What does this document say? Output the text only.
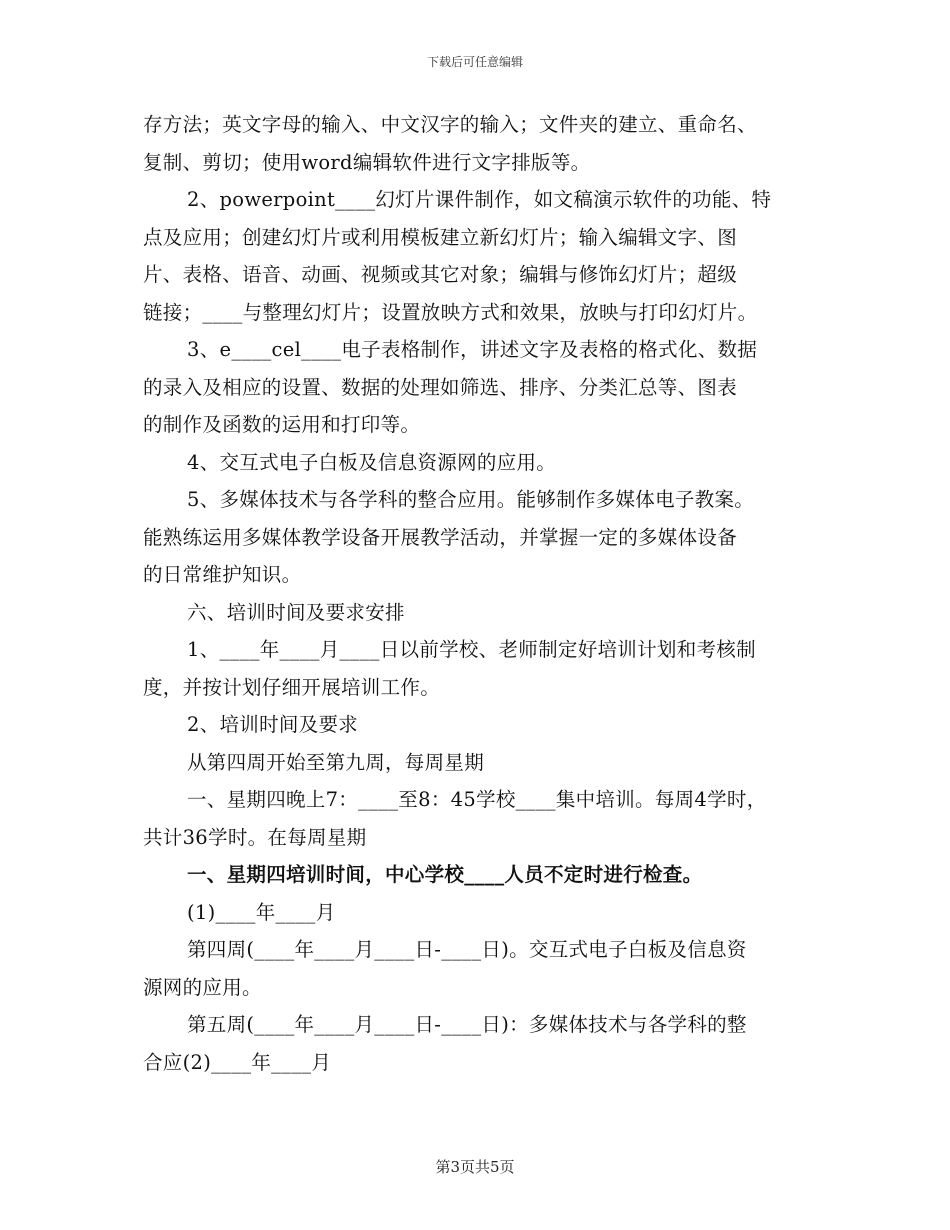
下载后可任意编辑
存方法；英文字母的输入、中文汉字的输入；文件夹的建立、重命名、
复制、剪切；使用word编辑软件进行文字排版等。
2、powerpoint____幻灯片课件制作，如文稿演示软件的功能、特
点及应用；创建幻灯片或利用模板建立新幻灯片；输入编辑文字、图
片、表格、语音、动画、视频或其它对象；编辑与修饰幻灯片；超级
链接；____与整理幻灯片；设置放映方式和效果，放映与打印幻灯片。
3、e____cel____电子表格制作，讲述文字及表格的格式化、数据
的录入及相应的设置、数据的处理如筛选、排序、分类汇总等、图表
的制作及函数的运用和打印等。
4、交互式电子白板及信息资源网的应用。
5、多媒体技术与各学科的整合应用。能够制作多媒体电子教案。
能熟练运用多媒体教学设备开展教学活动，并掌握一定的多媒体设备
的日常维护知识。
六、培训时间及要求安排
1、____年____月____日以前学校、老师制定好培训计划和考核制
度，并按计划仔细开展培训工作。
2、培训时间及要求
从第四周开始至第九周，每周星期
一、星期四晚上7：____至8：45学校____集中培训。每周4学时，
共计36学时。在每周星期
一、星期四培训时间，中心学校____人员不定时进行检查。
(1)____年____月
第四周(____年____月____日-____日)。交互式电子白板及信息资
源网的应用。
第五周(____年____月____日-____日)：多媒体技术与各学科的整
合应(2)____年____月
第3页共5页
